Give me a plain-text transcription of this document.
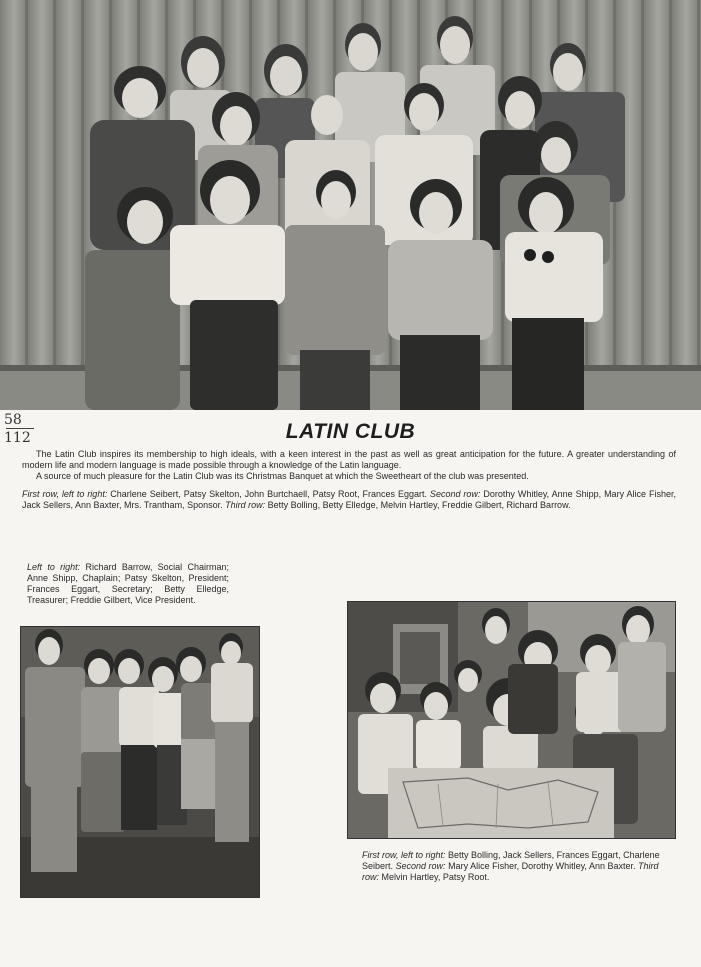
58
112	LATIN CLUB

The Latin Club inspires its membership to high ideals, with a keen interest in the past as well as great anticipation for the future. A greater understanding of modern life and modern language is made possible through a knowledge of the Latin language.

A source of much pleasure for the Latin Club was its Christmas Banquet at which the Sweetheart of the club was presented.

First row, left to right: Charlene Seibert, Patsy Skelton, John Burtchaell, Patsy Root, Frances Eggart. Second row: Dorothy Whitley, Anne Shipp, Mary Alice Fisher, Jack Sellers, Ann Baxter, Mrs. Trantham, Sponsor. Third row: Betty Bolling, Betty Elledge, Melvin Hartley, Freddie Gilbert, Richard Barrow.
Left to right: Richard Barrow, Social Chairman; Anne Shipp, Chaplain; Patsy Skelton, President; Frances Eggart, Secretary; Betty Elledge, Treasurer; Freddie Gilbert, Vice President.
First row, left to right: Betty Bolling, Jack Sellers, Frances Eggart, Charlene Seibert. Second row: Mary Alice Fisher, Dorothy Whitley, Ann Baxter. Third row: Melvin Hartley, Patsy Root.
